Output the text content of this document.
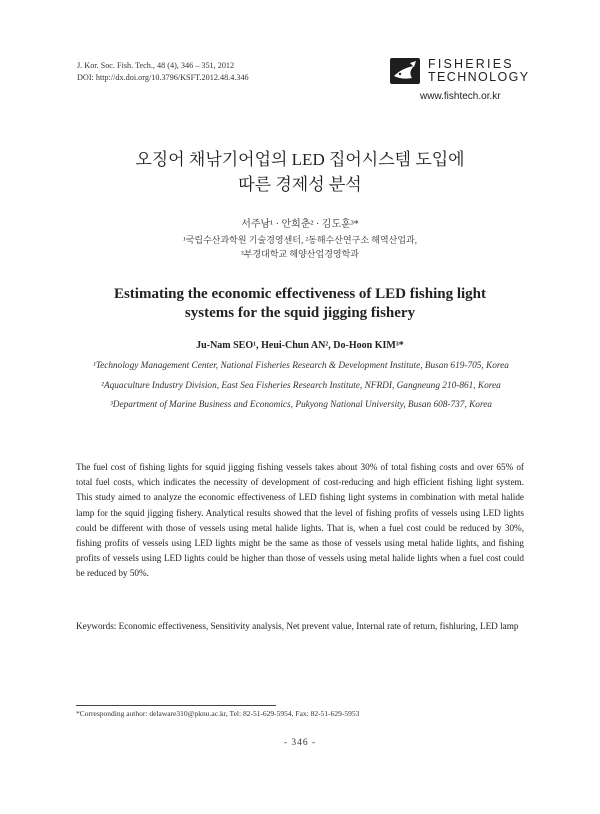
J. Kor. Soc. Fish. Tech., 48 (4), 346 – 351, 2012
DOI: http://dx.doi.org/10.3796/KSFT.2012.48.4.346
FISHERIES
TECHNOLOGY
www.fishtech.or.kr
오징어 채낚기어업의 LED 집어시스템 도입에
따른 경제성 분석
서주남¹ · 안희춘² · 김도훈³*
¹국립수산과학원 기술경영센터, ²동해수산연구소 해역산업과,
³부경대학교 해양산업경영학과
Estimating the economic effectiveness of LED fishing light
systems for the squid jigging fishery
Ju-Nam SEO¹, Heui-Chun AN², Do-Hoon KIM³*
¹Technology Management Center, National Fisheries Research & Development Institute, Busan 619-705, Korea
²Aquaculture Industry Division, East Sea Fisheries Research Institute, NFRDI, Gangneung 210-861, Korea
³Department of Marine Business and Economics, Pukyong National University, Busan 608-737, Korea
The fuel cost of fishing lights for squid jigging fishing vessels takes about 30% of total fishing costs and over 65% of total fuel costs, which indicates the necessity of development of cost-reducing and high efficient fishing light system. This study aimed to analyze the economic effectiveness of LED fishing light systems in combination with metal halide lamp for the squid jigging fishery. Analytical results showed that the level of fishing profits of vessels using LED lights could be different with those of vessels using metal halide lights. That is, when a fuel cost could be reduced by 30%, fishing profits of vessels using LED lights might be the same as those of vessels using metal halide lights, and fishing profits of vessels using LED lights could be higher than those of vessels using metal halide lights when a fuel cost could be reduced by 50%.
Keywords: Economic effectiveness, Sensitivity analysis, Net prevent value, Internal rate of return, fishluring, LED lamp
*Corresponding author: delaware310@pknu.ac.kr, Tel: 82-51-629-5954, Fax: 82-51-629-5953
- 346 -
